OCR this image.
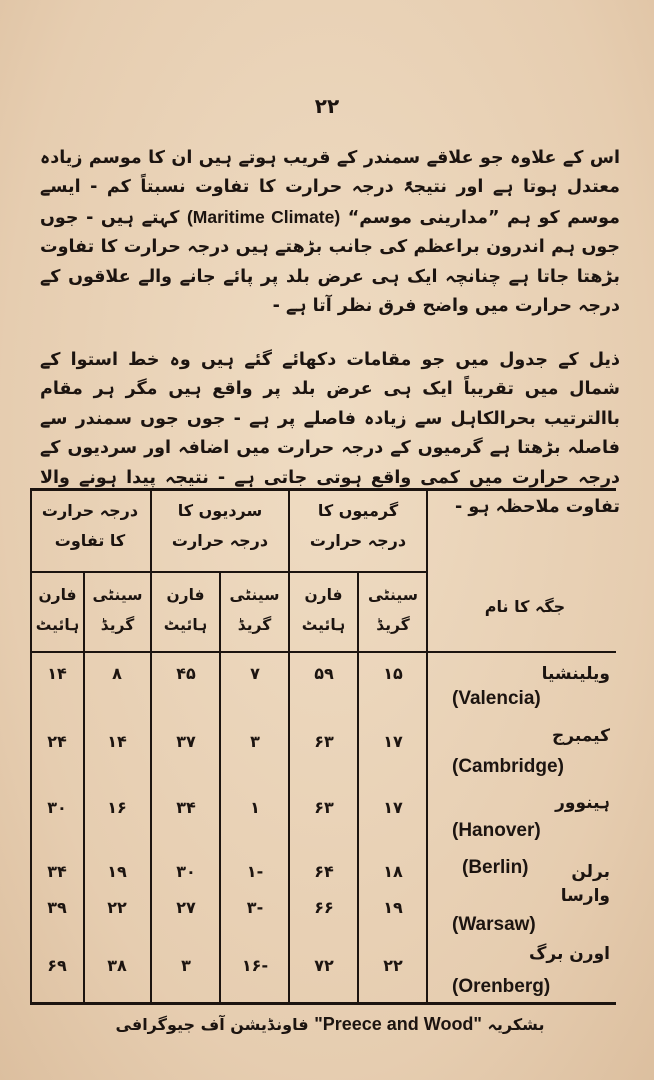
۲۲

اس کے علاوہ جو علاقے سمندر کے قریب ہوتے ہیں ان کا موسم زیادہ معتدل ہوتا ہے اور نتیجۃً درجہ حرارت کا تفاوت نسبتاً کم - ایسے موسم کو ہم ”مدارینی موسم“ (Maritime Climate) کہتے ہیں - جوں جوں ہم اندرون براعظم کی جانب بڑھتے ہیں درجہ حرارت کا تفاوت بڑھتا جاتا ہے چنانچہ ایک ہی عرض بلد پر پائے جانے والے علاقوں کے درجہ حرارت میں واضح فرق نظر آتا ہے -

ذیل کے جدول میں جو مقامات دکھائے گئے ہیں وہ خط استوا کے شمال میں تقریباً ایک ہی عرض بلد پر واقع ہیں مگر ہر مقام باالترتیب بحرالکاہل سے زیادہ فاصلے پر ہے - جوں جوں سمندر سے فاصلہ بڑھتا ہے گرمیوں کے درجہ حرارت میں اضافہ اور سردیوں کے درجہ حرارت میں کمی واقع ہوتی جاتی ہے - نتیجہ پیدا ہونے والا تفاوت ملاحظہ ہو -

جگہ کا نام
گرمیوں کا
درجہ حرارت
سردیوں کا
درجہ حرارت
درجہ حرارت
کا تفاوت
سینٹی
گریڈ
فارن
ہائیٹ
سینٹی
گریڈ
فارن
ہائیٹ
سینٹی
گریڈ
فارن
ہائیٹ
ویلینشیا
(Valencia)
۱۵
۵۹
۷
۴۵
۸
۱۴
کیمبرج
(Cambridge)
۱۷
۶۳
۳
۳۷
۱۴
۲۴
ہینوور
(Hanover)
۱۷
۶۳
۱
۳۴
۱۶
۳۰
برلن
(Berlin)
۱۸
۶۴
-۱
۳۰
۱۹
۳۴
وارسا
(Warsaw)
۱۹
۶۶
-۳
۲۷
۲۲
۳۹
اورن برگ
(Orenberg)
۲۲
۷۲
-۱۶
۳
۳۸
۶۹
بشکریہ "Preece and Wood" فاونڈیشن آف جیوگرافی
